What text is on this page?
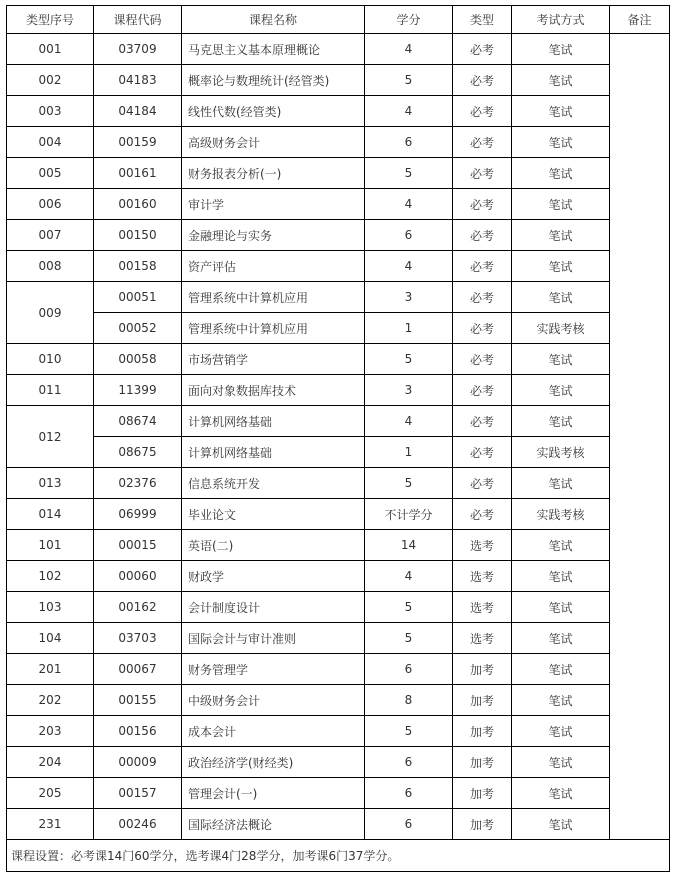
类型序号	课程代码	课程名称	学分	类型	考试方式	备注
001	03709	马克思主义基本原理概论	4	必考	笔试	
002	04183	概率论与数理统计(经管类)	5	必考	笔试	
003	04184	线性代数(经管类)	4	必考	笔试	
004	00159	高级财务会计	6	必考	笔试	
005	00161	财务报表分析(一)	5	必考	笔试	
006	00160	审计学	4	必考	笔试	
007	00150	金融理论与实务	6	必考	笔试	
008	00158	资产评估	4	必考	笔试	
009	00051	管理系统中计算机应用	3	必考	笔试	
	00052	管理系统中计算机应用	1	必考	实践考核	
010	00058	市场营销学	5	必考	笔试	
011	11399	面向对象数据库技术	3	必考	笔试	
012	08674	计算机网络基础	4	必考	笔试	
	08675	计算机网络基础	1	必考	实践考核	
013	02376	信息系统开发	5	必考	笔试	
014	06999	毕业论文	不计学分	必考	实践考核	
101	00015	英语(二)	14	选考	笔试	
102	00060	财政学	4	选考	笔试	
103	00162	会计制度设计	5	选考	笔试	
104	03703	国际会计与审计准则	5	选考	笔试	
201	00067	财务管理学	6	加考	笔试	
202	00155	中级财务会计	8	加考	笔试	
203	00156	成本会计	5	加考	笔试	
204	00009	政治经济学(财经类)	6	加考	笔试	
205	00157	管理会计(一)	6	加考	笔试	
231	00246	国际经济法概论	6	加考	笔试	
课程设置：必考课14门60学分，选考课4门28学分，加考课6门37学分。						
